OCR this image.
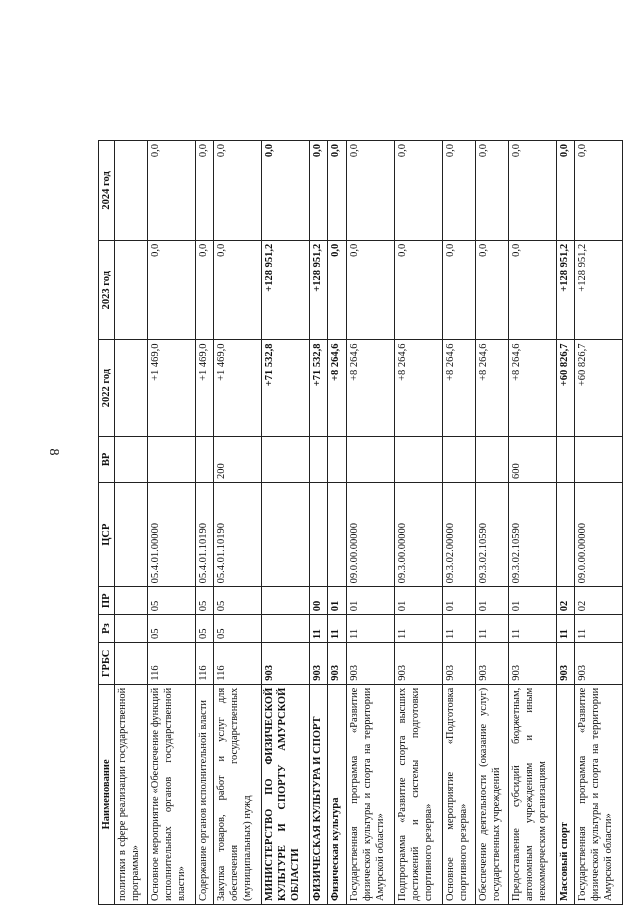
8
Наименование	ГРБС	Рз	ПР	ЦСР	ВР	2022 год	2023 год	2024 год
политики в сфере реализации государственной программы»								
Основное мероприятие «Обеспечение функций исполнительных органов государственной власти»	116	05	05	05.4.01.00000		+1 469,0	0,0	0,0
Содержание органов исполнительной власти	116	05	05	05.4.01.10190		+1 469,0	0,0	0,0
Закупка товаров, работ и услуг для обеспечения государственных (муниципальных) нужд	116	05	05	05.4.01.10190	200	+1 469,0	0,0	0,0
МИНИСТЕРСТВО ПО ФИЗИЧЕСКОЙ КУЛЬТУРЕ И СПОРТУ АМУРСКОЙ ОБЛАСТИ	903					+71 532,8	+128 951,2	0,0
ФИЗИЧЕСКАЯ КУЛЬТУРА И СПОРТ	903	11	00			+71 532,8	+128 951,2	0,0
Физическая культура	903	11	01			+8 264,6	0,0	0,0
Государственная программа «Развитие физической культуры и спорта на территории Амурской области»	903	11	01	09.0.00.00000		+8 264,6	0,0	0,0
Подпрограмма «Развитие спорта высших достижений и системы подготовки спортивного резерва»	903	11	01	09.3.00.00000		+8 264,6	0,0	0,0
Основное мероприятие «Подготовка спортивного резерва»	903	11	01	09.3.02.00000		+8 264,6	0,0	0,0
Обеспечение деятельности (оказание услуг) государственных учреждений	903	11	01	09.3.02.10590		+8 264,6	0,0	0,0
Предоставление субсидий бюджетным, автономным учреждениям и иным некоммерческим организациям	903	11	01	09.3.02.10590	600	+8 264,6	0,0	0,0
Массовый спорт	903	11	02			+60 826,7	+128 951,2	0,0
Государственная программа «Развитие физической культуры и спорта на территории Амурской области»	903	11	02	09.0.00.00000		+60 826,7	+128 951,2	0,0
